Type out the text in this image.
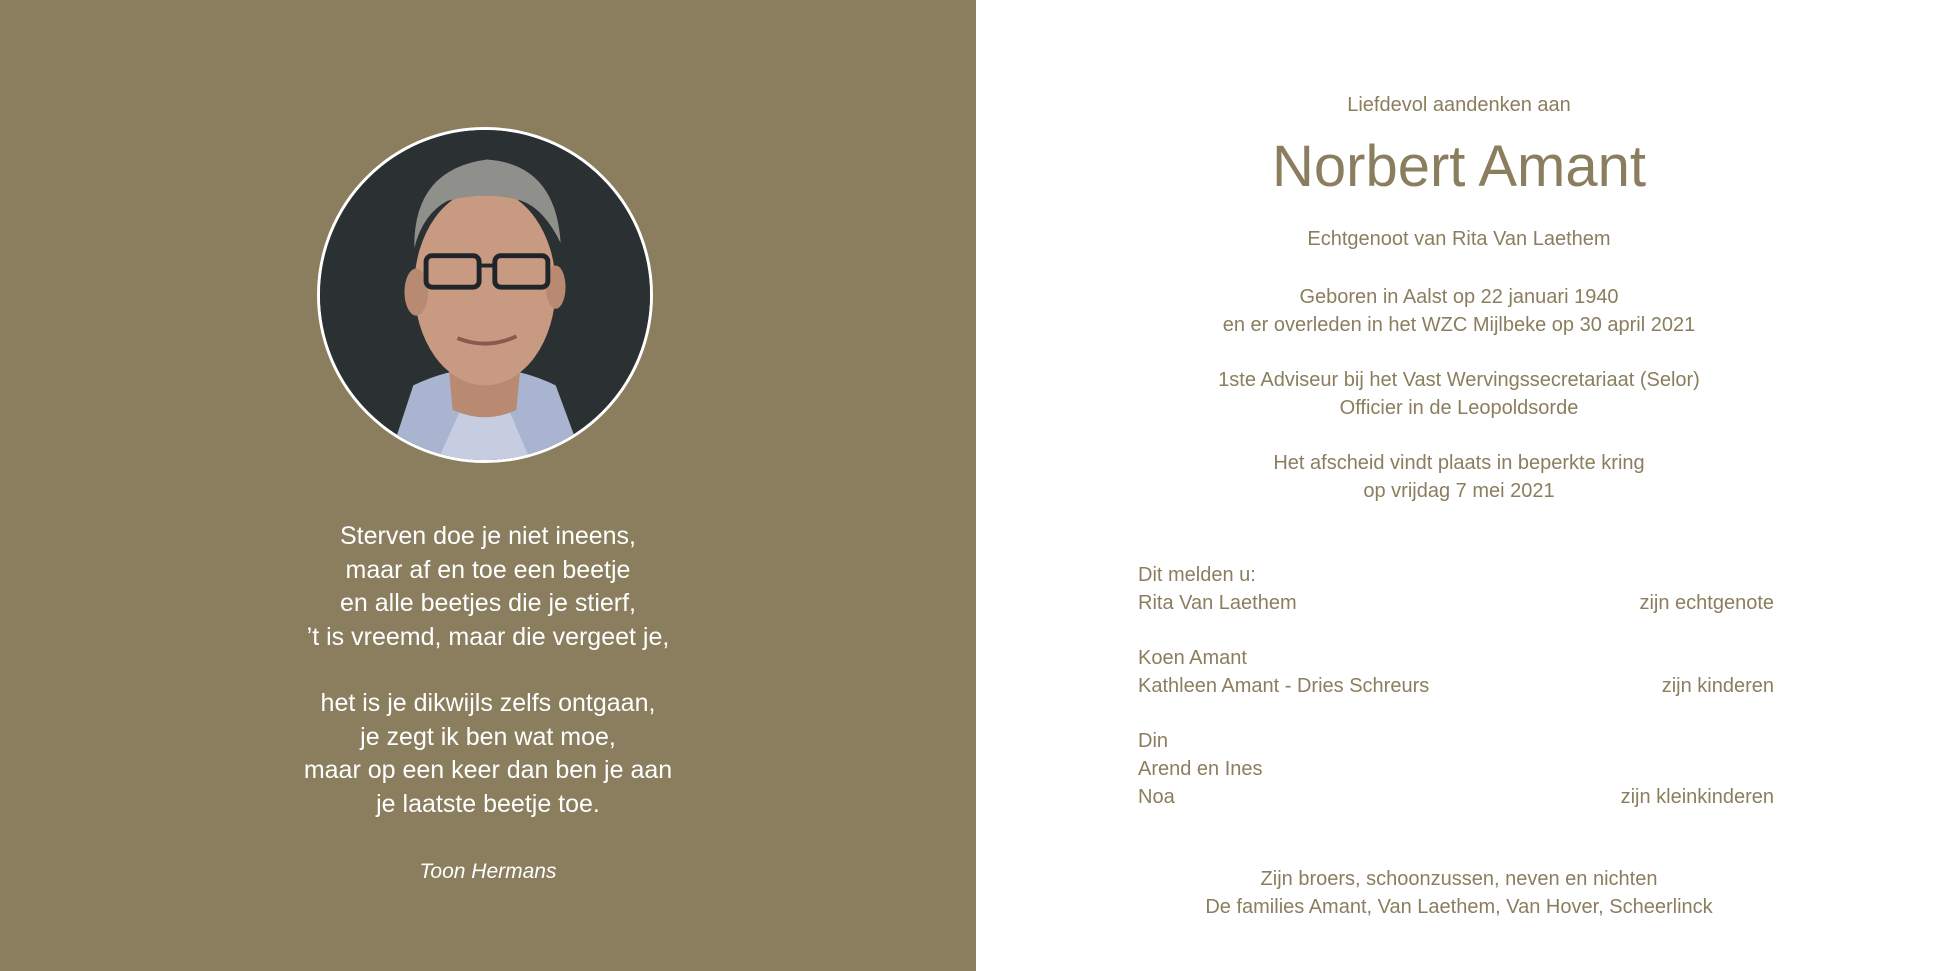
Sterven doe je niet ineens,
maar af en toe een beetje
en alle beetjes die je stierf,
’t is vreemd, maar die vergeet je,
het is je dikwijls zelfs ontgaan,
je zegt ik ben wat moe,
maar op een keer dan ben je aan
je laatste beetje toe.
Toon Hermans
Liefdevol aandenken aan
Norbert Amant
Echtgenoot van Rita Van Laethem
Geboren in Aalst op 22 januari 1940
en er overleden in het WZC Mijlbeke op 30 april 2021
1ste Adviseur bij het Vast Wervingssecretariaat (Selor)
Officier in de Leopoldsorde
Het afscheid vindt plaats in beperkte kring
op vrijdag 7 mei 2021
Dit melden u:
Rita Van Laethem	zijn echtgenote
Koen Amant
Kathleen Amant - Dries Schreurs	zijn kinderen
Din
Arend en Ines
Noa	zijn kleinkinderen
Zijn broers, schoonzussen, neven en nichten
De families Amant, Van Laethem, Van Hover, Scheerlinck
